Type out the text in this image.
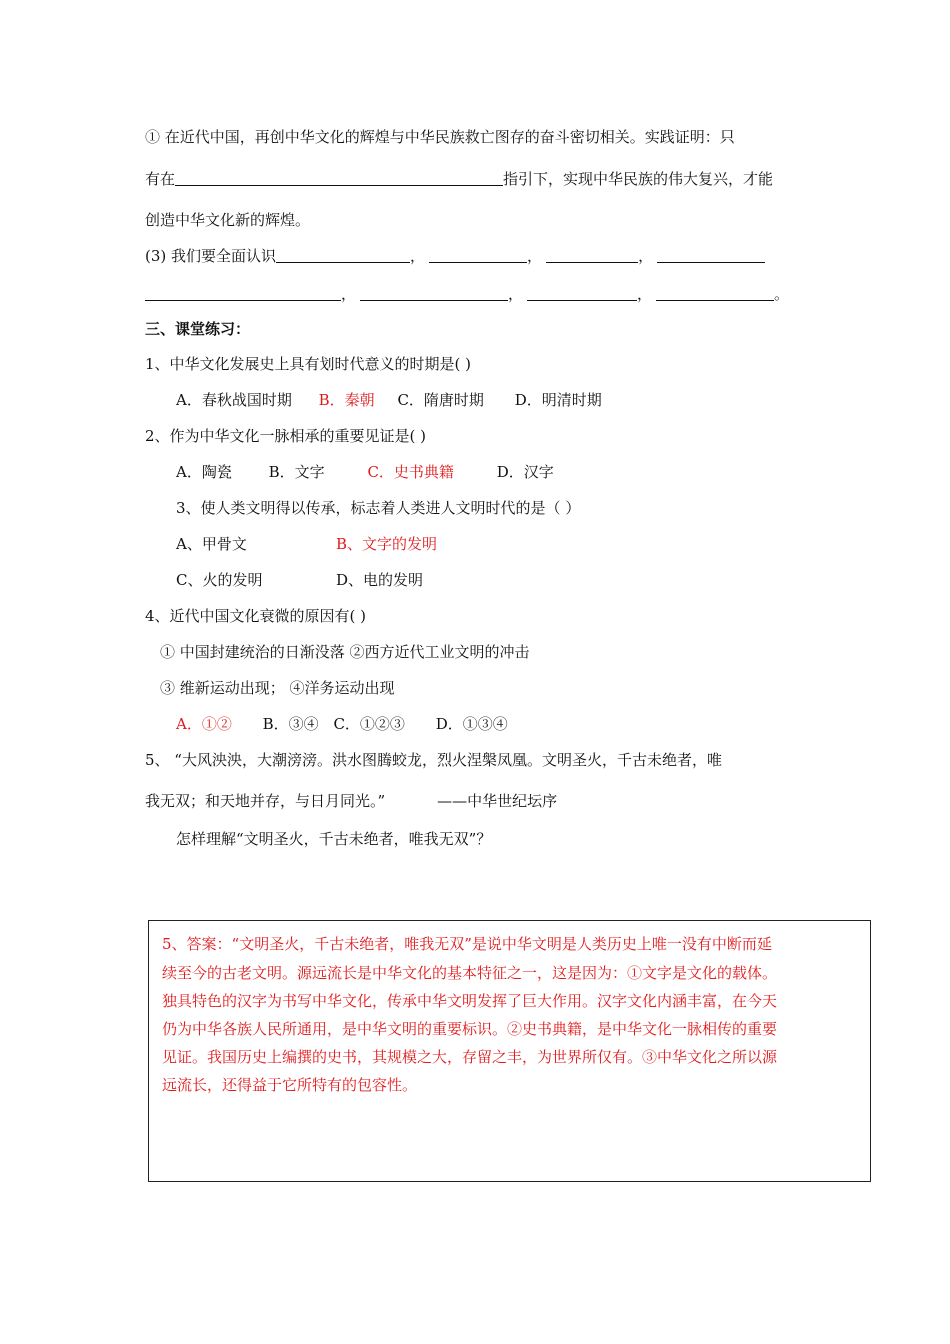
① 在近代中国，再创中华文化的辉煌与中华民族救亡图存的奋斗密切相关。实践证明：只
有在	指引下，实现中华民族的伟大复兴，才能
创造中华文化新的辉煌。
(3) 我们要全面认识	，	，	，
，	，	，	。
三、课堂练习：
1、中华文化发展史上具有划时代意义的时期是( )
A．春秋战国时期 B．秦朝 C．隋唐时期 D．明清时期
2、作为中华文化一脉相承的重要见证是( )
A．陶瓷 B．文字	C．史书典籍	D．汉字
3、使人类文明得以传承，标志着人类进人文明时代的是（ ）
A、甲骨文	B、文字的发明
C、火的发明	D、电的发明
4、近代中国文化衰微的原因有( )
① 中国封建统治的日渐没落 ②西方近代工业文明的冲击
③ 维新运动出现； ④洋务运动出现
A．①② B．③④ C．①②③ D．①③④
5、 “大风泱泱，大潮滂滂。洪水图腾蛟龙，烈火涅槃凤凰。文明圣火，千古未绝者，唯
我无双；和天地并存，与日月同光。”	——中华世纪坛序
怎样理解“文明圣火，千古未绝者，唯我无双”？
5、答案：“文明圣火，千古未绝者，唯我无双”是说中华文明是人类历史上唯一没有中断而延
续至今的古老文明。源远流长是中华文化的基本特征之一，这是因为：①文字是文化的载体。
独具特色的汉字为书写中华文化，传承中华文明发挥了巨大作用。汉字文化内涵丰富，在今天
仍为中华各族人民所通用，是中华文明的重要标识。②史书典籍，是中华文化一脉相传的重要
见证。我国历史上编撰的史书，其规模之大，存留之丰，为世界所仅有。③中华文化之所以源
远流长，还得益于它所特有的包容性。
